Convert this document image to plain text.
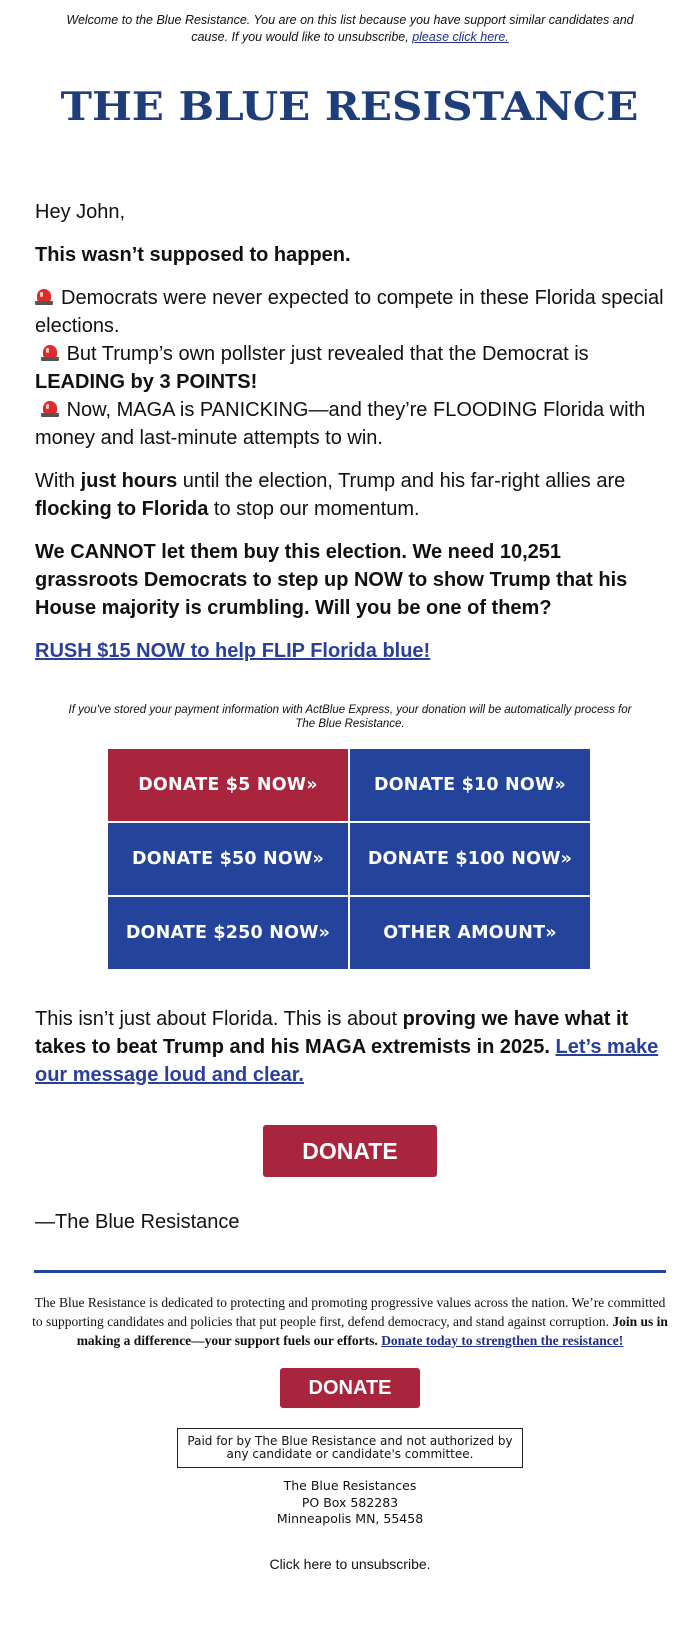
Welcome to the Blue Resistance. You are on this list because you have support similar candidates and cause. If you would like to unsubscribe, please click here.
THE BLUE RESISTANCE
Hey John,
This wasn’t supposed to happen.
Democrats were never expected to compete in these Florida special elections.

But Trump’s own pollster just revealed that the Democrat is LEADING by 3 POINTS!

Now, MAGA is PANICKING—and they’re FLOODING Florida with money and last-minute attempts to win.
With just hours until the election, Trump and his far-right allies are flocking to Florida to stop our momentum.
We CANNOT let them buy this election. We need 10,251 grassroots Democrats to step up NOW to show Trump that his House majority is crumbling. Will you be one of them?
RUSH $15 NOW to help FLIP Florida blue!
If you've stored your payment information with ActBlue Express, your donation will be automatically process for The Blue Resistance.
DONATE $5 NOW»	DONATE $10 NOW»
DONATE $50 NOW»	DONATE $100 NOW»
DONATE $250 NOW»	OTHER AMOUNT»
This isn’t just about Florida. This is about proving we have what it takes to beat Trump and his MAGA extremists in 2025. Let’s make our message loud and clear.
DONATE
—The Blue Resistance
The Blue Resistance is dedicated to protecting and promoting progressive values across the nation. We’re committed to supporting candidates and policies that put people first, defend democracy, and stand against corruption. Join us in making a difference—your support fuels our efforts. Donate today to strengthen the resistance!
DONATE
Paid for by The Blue Resistance and not authorized by any candidate or candidate's committee.
The Blue Resistances
PO Box 582283
Minneapolis MN, 55458
Click here to unsubscribe.
